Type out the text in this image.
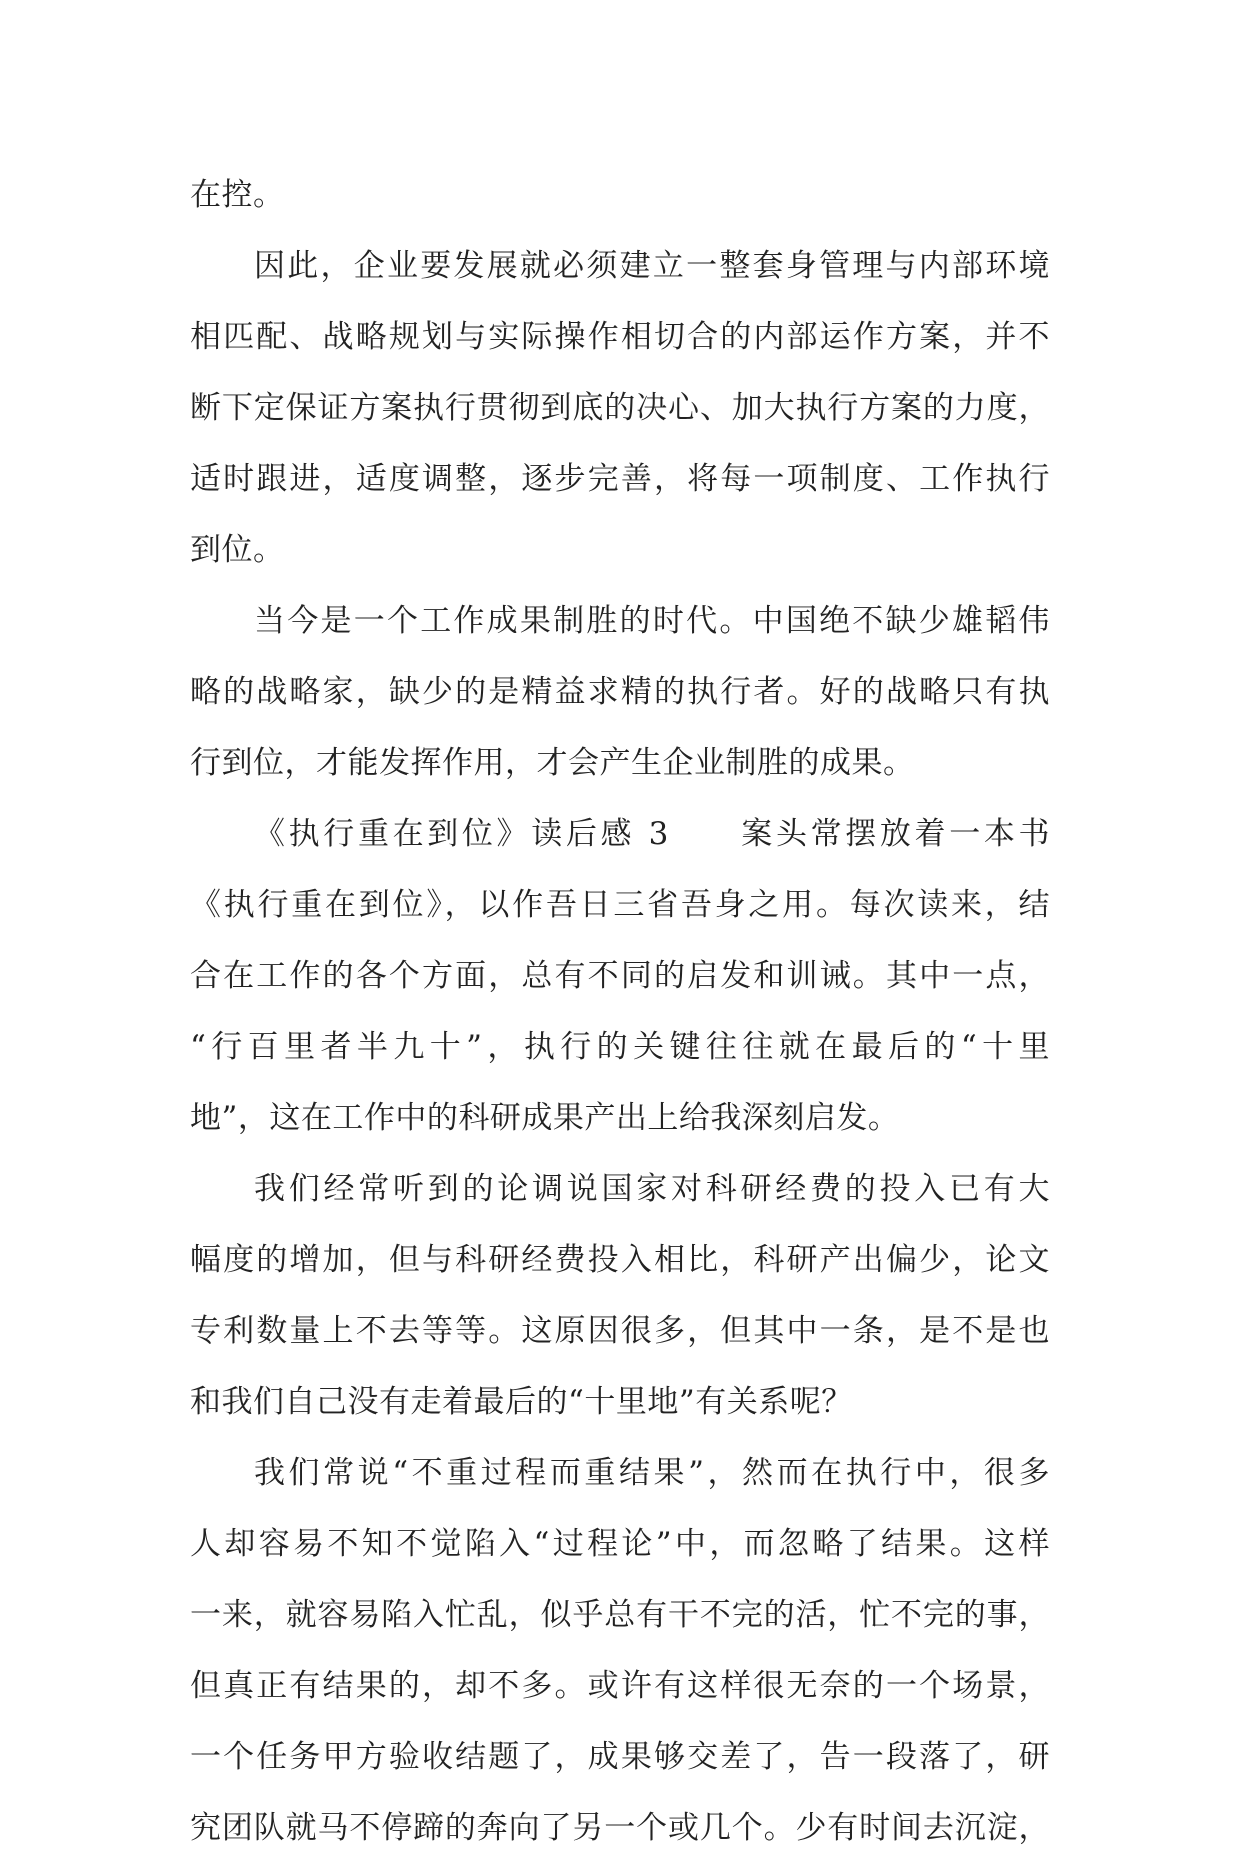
在控。
因此，企业要发展就必须建立一整套身管理与内部环境
相匹配、战略规划与实际操作相切合的内部运作方案，并不
断下定保证方案执行贯彻到底的决心、加大执行方案的力度，
适时跟进，适度调整，逐步完善，将每一项制度、工作执行
到位。
当今是一个工作成果制胜的时代。中国绝不缺少雄韬伟
略的战略家，缺少的是精益求精的执行者。好的战略只有执
行到位，才能发挥作用，才会产生企业制胜的成果。
《执行重在到位》读后感 3　　案头常摆放着一本书
《执行重在到位》，以作吾日三省吾身之用。每次读来，结
合在工作的各个方面，总有不同的启发和训诫。其中一点，
“行百里者半九十”，执行的关键往往就在最后的“十里
地”，这在工作中的科研成果产出上给我深刻启发。
我们经常听到的论调说国家对科研经费的投入已有大
幅度的增加，但与科研经费投入相比，科研产出偏少，论文
专利数量上不去等等。这原因很多，但其中一条，是不是也
和我们自己没有走着最后的“十里地”有关系呢？
我们常说“不重过程而重结果”，然而在执行中，很多
人却容易不知不觉陷入“过程论”中，而忽略了结果。这样
一来，就容易陷入忙乱，似乎总有干不完的活，忙不完的事，
但真正有结果的，却不多。或许有这样很无奈的一个场景，
一个任务甲方验收结题了，成果够交差了，告一段落了，研
究团队就马不停蹄的奔向了另一个或几个。少有时间去沉淀，
